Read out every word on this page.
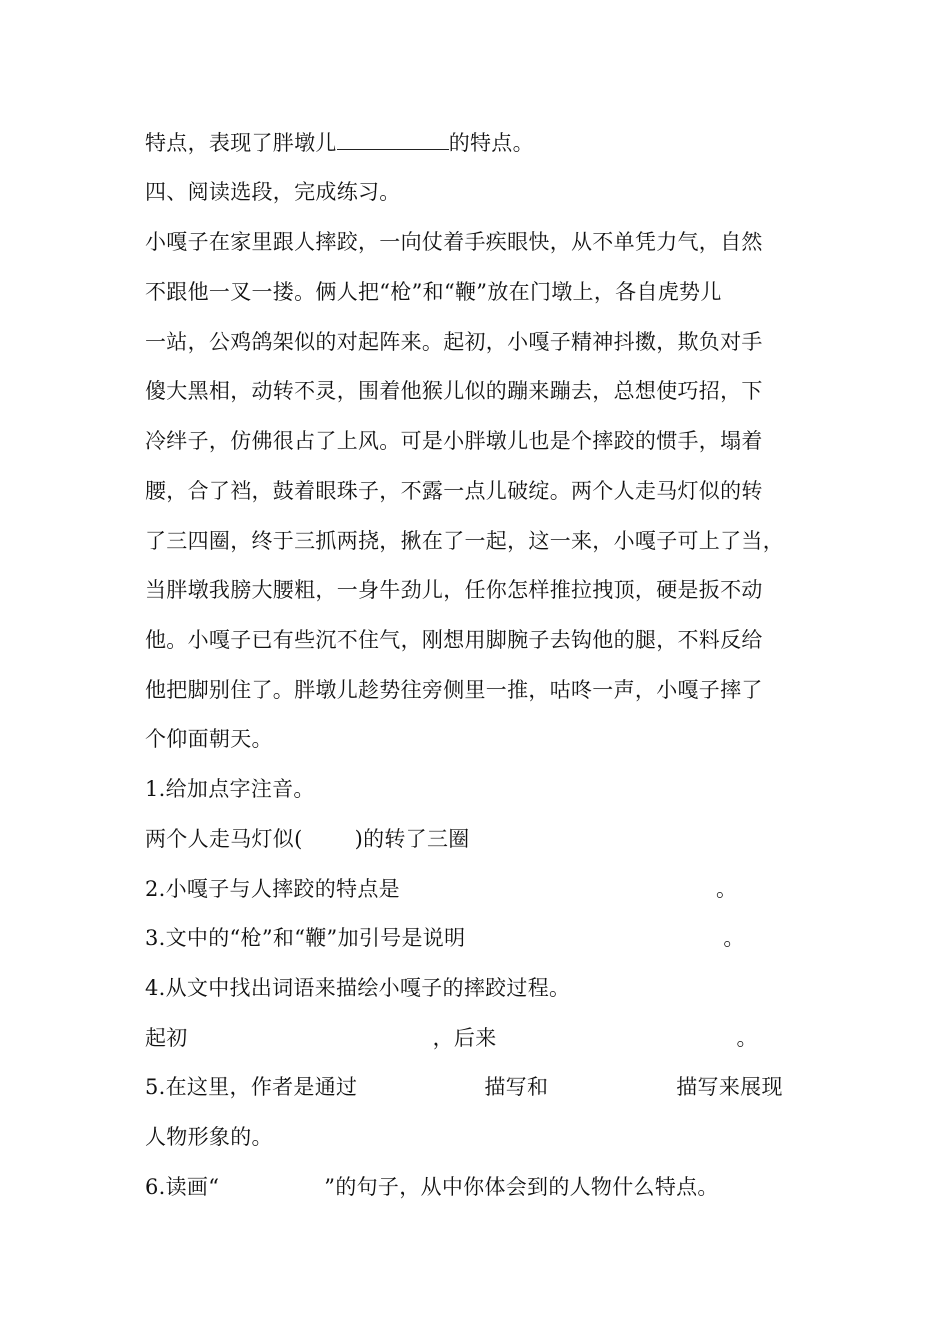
特点，表现了胖墩儿	的特点。
四、阅读选段，完成练习。
小嘎子在家里跟人摔跤，一向仗着手疾眼快，从不单凭力气，自然
不跟他一叉一搂。俩人把“枪”和“鞭”放在门墩上，各自虎势儿
一站，公鸡鸽架似的对起阵来。起初，小嘎子精神抖擞，欺负对手
傻大黑相，动转不灵，围着他猴儿似的蹦来蹦去，总想使巧招，下
冷绊子，仿佛很占了上风。可是小胖墩儿也是个摔跤的惯手，塌着
腰，合了裆，鼓着眼珠子，不露一点儿破绽。两个人走马灯似的转
了三四圈，终于三抓两挠，揪在了一起，这一来，小嘎子可上了当，
当胖墩我膀大腰粗，一身牛劲儿，任你怎样推拉拽顶，硬是扳不动
他。小嘎子已有些沉不住气，刚想用脚腕子去钩他的腿，不料反给
他把脚别住了。胖墩儿趁势往旁侧里一推，咕咚一声，小嘎子摔了
个仰面朝天。
1.给加点字注音。
两个人走马灯似( )的转了三圈
2.小嘎子与人摔跤的特点是	。
3.文中的“枪”和“鞭”加引号是说明	。
4.从文中找出词语来描绘小嘎子的摔跤过程。
起初	，后来	。
5.在这里，作者是通过	描写和	描写来展现
人物形象的。
6.读画“	”的句子，从中你体会到的人物什么特点。
